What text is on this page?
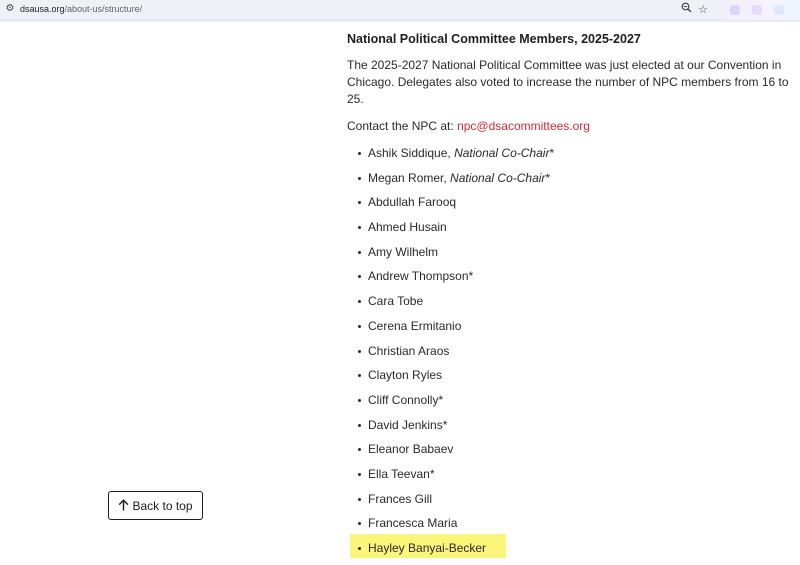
⚙ dsausa.org/about-us/structure/	☆
National Political Committee Members, 2025-2027

The 2025-2027 National Political Committee was just elected at our Convention in Chicago. Delegates also voted to increase the number of NPC members from 16 to 25.

Contact the NPC at: npc@dsacommittees.org

Ashik Siddique, National Co-Chair*
Megan Romer, National Co-Chair*
Abdullah Farooq
Ahmed Husain
Amy Wilhelm
Andrew Thompson*
Cara Tobe
Cerena Ermitanio
Christian Araos
Clayton Ryles
Cliff Connolly*
David Jenkins*
Eleanor Babaev
Ella Teevan*
Frances Gill
Francesca Maria
Hayley Banyai-Becker
Back to top
